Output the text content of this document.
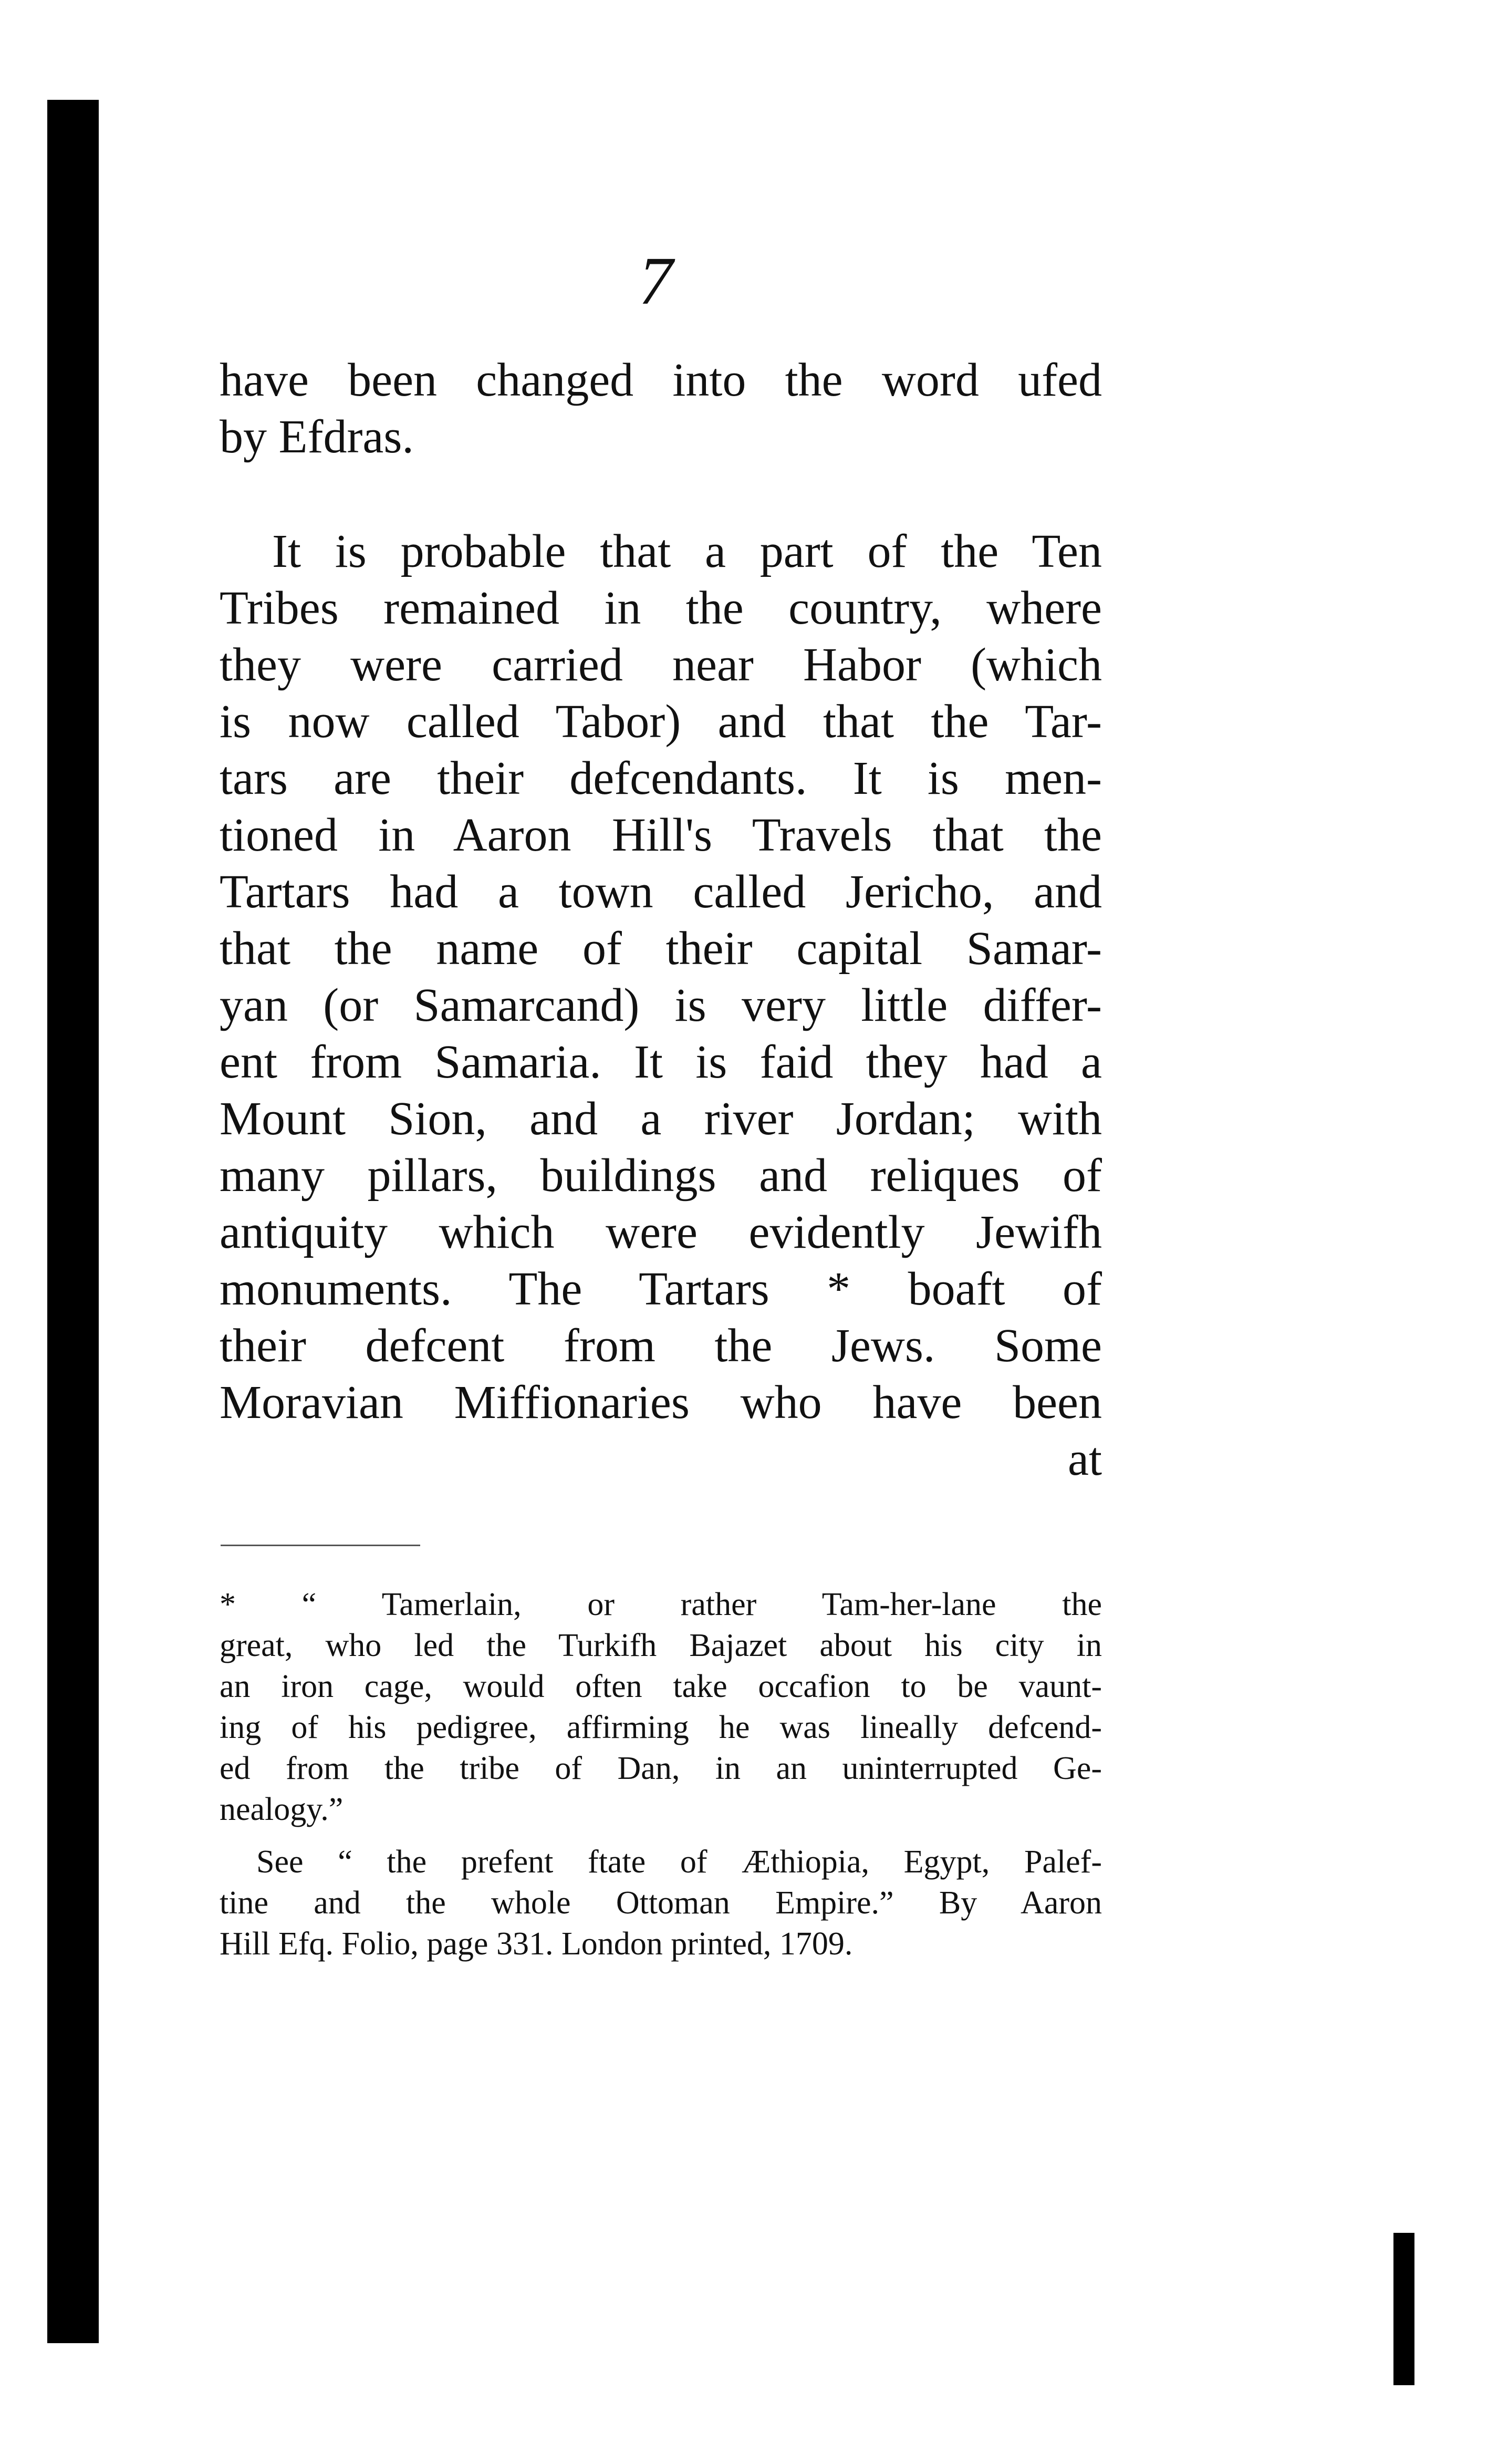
7
have been changed into the word ufed
by Efdras.
It is probable that a part of the Ten
Tribes remained in the country, where
they were carried near Habor (which
is now called Tabor) and that the Tar-
tars are their defcendants. It is men-
tioned in Aaron Hill's Travels that the
Tartars had a town called Jericho, and
that the name of their capital Samar-
yan (or Samarcand) is very little differ-
ent from Samaria. It is faid they had a
Mount Sion, and a river Jordan; with
many pillars, buildings and reliques of
antiquity which were evidently Jewifh
monuments. The Tartars * boaft of
their defcent from the Jews. Some
Moravian Miffionaries who have been
at
* “ Tamerlain, or rather Tam-her-lane the
great, who led the Turkifh Bajazet about his city in
an iron cage, would often take occafion to be vaunt-
ing of his pedigree, affirming he was lineally defcend-
ed from the tribe of Dan, in an uninterrupted Ge-
nealogy.”
See “ the prefent ftate of Æthiopia, Egypt, Palef-
tine and the whole Ottoman Empire.” By Aaron
Hill Efq. Folio, page 331. London printed, 1709.
